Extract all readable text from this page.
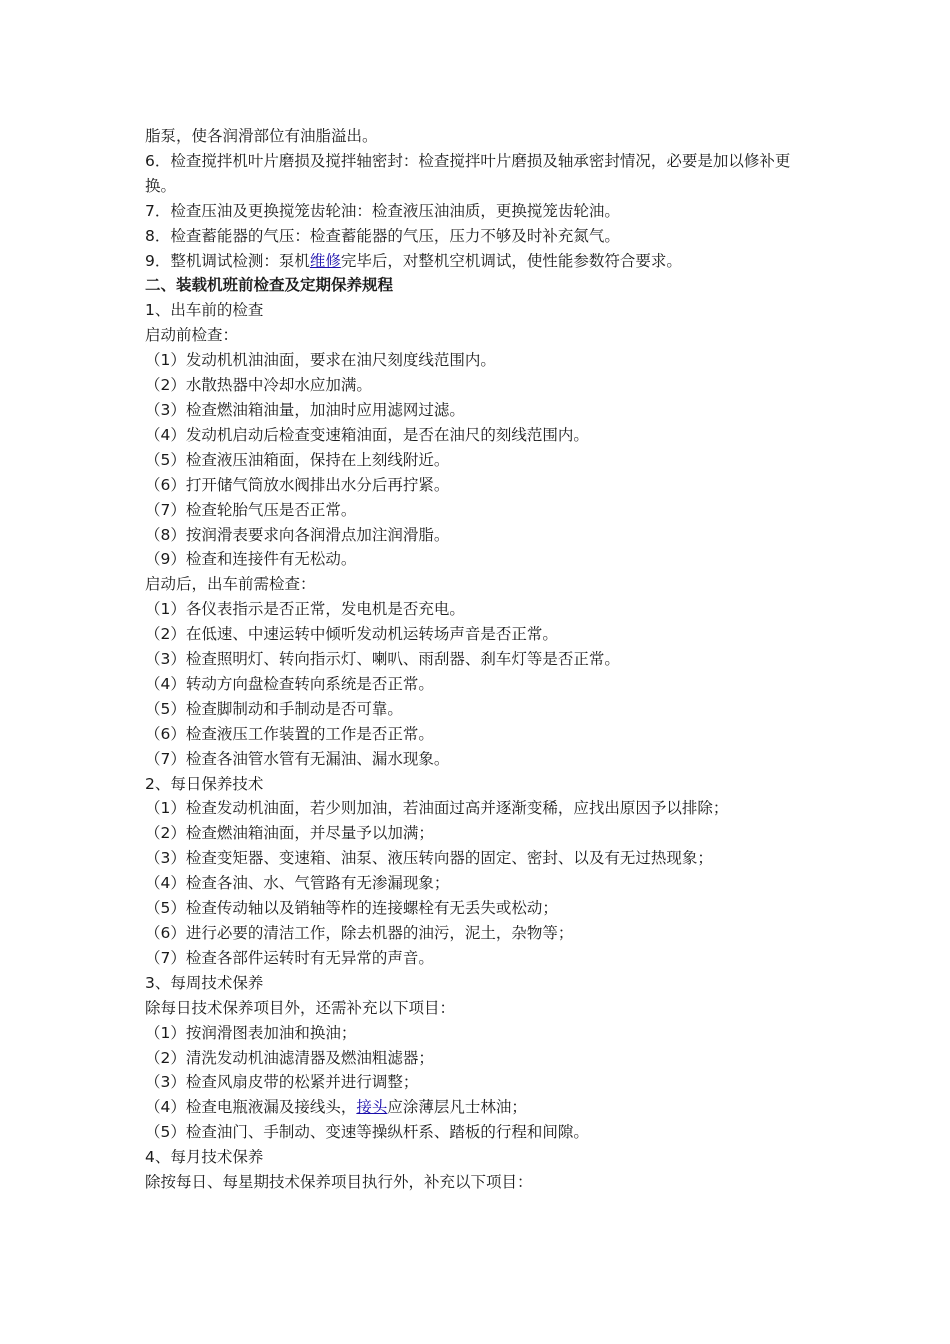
脂泵，使各润滑部位有油脂溢出。

6．检查搅拌机叶片磨损及搅拌轴密封：检查搅拌叶片磨损及轴承密封情况，必要是加以修补更换。

7．检查压油及更换搅笼齿轮油：检查液压油油质，更换搅笼齿轮油。

8．检查蓄能器的气压：检查蓄能器的气压，压力不够及时补充氮气。

9．整机调试检测：泵机维修完毕后，对整机空机调试，使性能参数符合要求。

二、装载机班前检查及定期保养规程

1、出车前的检查

启动前检查：

（1）发动机机油油面，要求在油尺刻度线范围内。

（2）水散热器中冷却水应加满。

（3）检查燃油箱油量，加油时应用滤网过滤。

（4）发动机启动后检查变速箱油面，是否在油尺的刻线范围内。

（5）检查液压油箱面，保持在上刻线附近。

（6）打开储气筒放水阀排出水分后再拧紧。

（7）检查轮胎气压是否正常。

（8）按润滑表要求向各润滑点加注润滑脂。

（9）检查和连接件有无松动。

启动后，出车前需检查：

（1）各仪表指示是否正常，发电机是否充电。

（2）在低速、中速运转中倾听发动机运转场声音是否正常。

（3）检查照明灯、转向指示灯、喇叭、雨刮器、刹车灯等是否正常。

（4）转动方向盘检查转向系统是否正常。

（5）检查脚制动和手制动是否可靠。

（6）检查液压工作装置的工作是否正常。

（7）检查各油管水管有无漏油、漏水现象。

2、每日保养技术

（1）检查发动机油面，若少则加油，若油面过高并逐渐变稀，应找出原因予以排除；

（2）检查燃油箱油面，并尽量予以加满；

（3）检查变矩器、变速箱、油泵、液压转向器的固定、密封、以及有无过热现象；

（4）检查各油、水、气管路有无渗漏现象；

（5）检查传动轴以及销轴等柞的连接螺栓有无丢失或松动；

（6）进行必要的清洁工作，除去机器的油污，泥土，杂物等；

（7）检查各部件运转时有无异常的声音。

3、每周技术保养

除每日技术保养项目外，还需补充以下项目：

（1）按润滑图表加油和换油；

（2）清洗发动机油滤清器及燃油粗滤器；

（3）检查风扇皮带的松紧并进行调整；

（4）检查电瓶液漏及接线头，接头应涂薄层凡士林油；

（5）检查油门、手制动、变速等操纵杆系、踏板的行程和间隙。

4、每月技术保养

除按每日、每星期技术保养项目执行外，补充以下项目：
